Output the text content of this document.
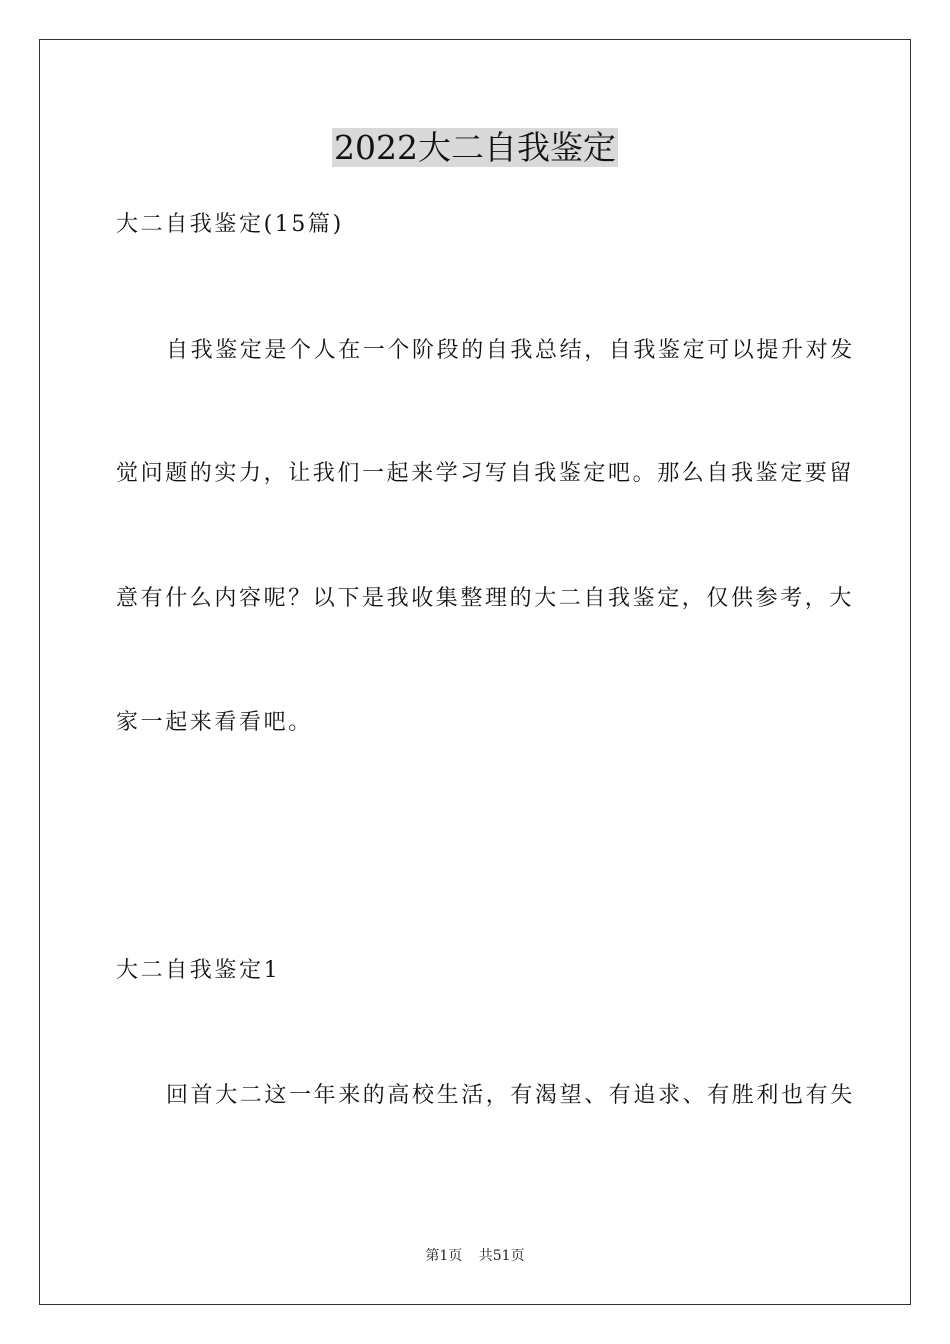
2022大二自我鉴定

大二自我鉴定(15篇)

自我鉴定是个人在一个阶段的自我总结，自我鉴定可以提升对发

觉问题的实力，让我们一起来学习写自我鉴定吧。那么自我鉴定要留

意有什么内容呢？以下是我收集整理的大二自我鉴定，仅供参考，大

家一起来看看吧。

大二自我鉴定1

回首大二这一年来的高校生活，有渴望、有追求、有胜利也有失

第1页 共51页
